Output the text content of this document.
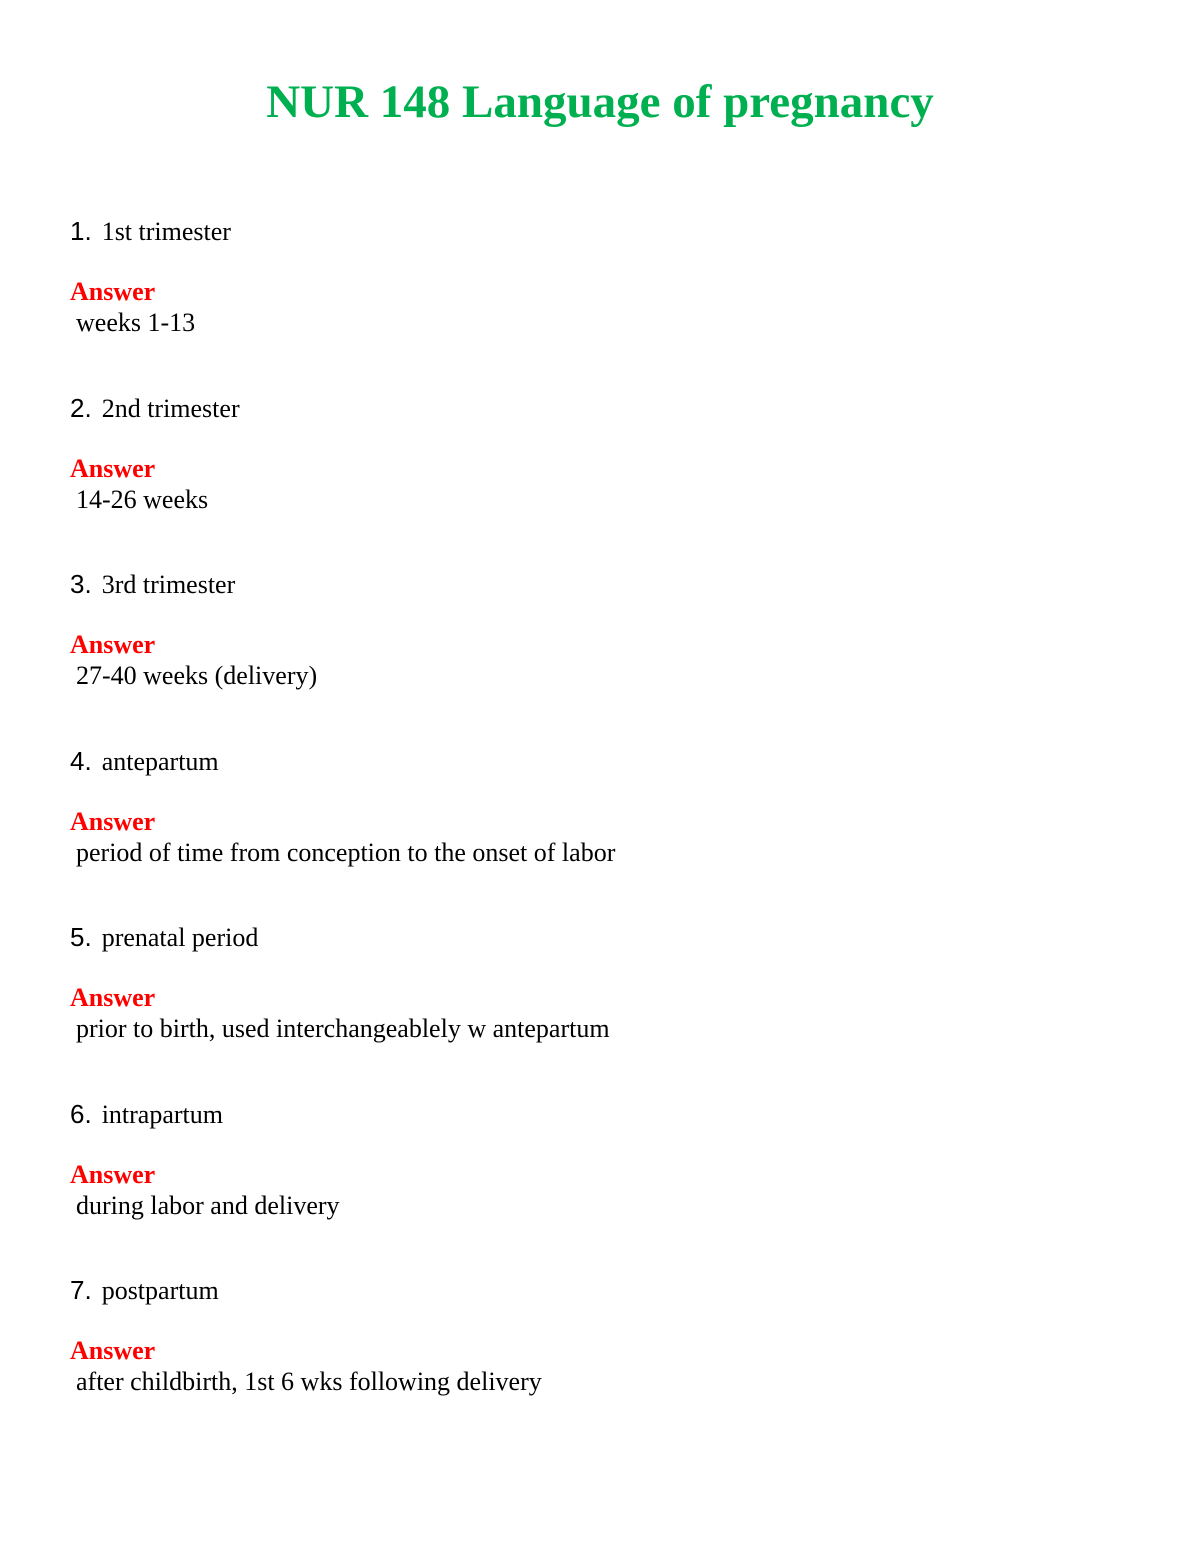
NUR 148 Language of pregnancy
1. 1st trimester
Answer
weeks 1-13
2. 2nd trimester
Answer
14-26 weeks
3. 3rd trimester
Answer
27-40 weeks (delivery)
4. antepartum
Answer
period of time from conception to the onset of labor
5. prenatal period
Answer
prior to birth, used interchangeablely w antepartum
6. intrapartum
Answer
during labor and delivery
7. postpartum
Answer
after childbirth, 1st 6 wks following delivery
